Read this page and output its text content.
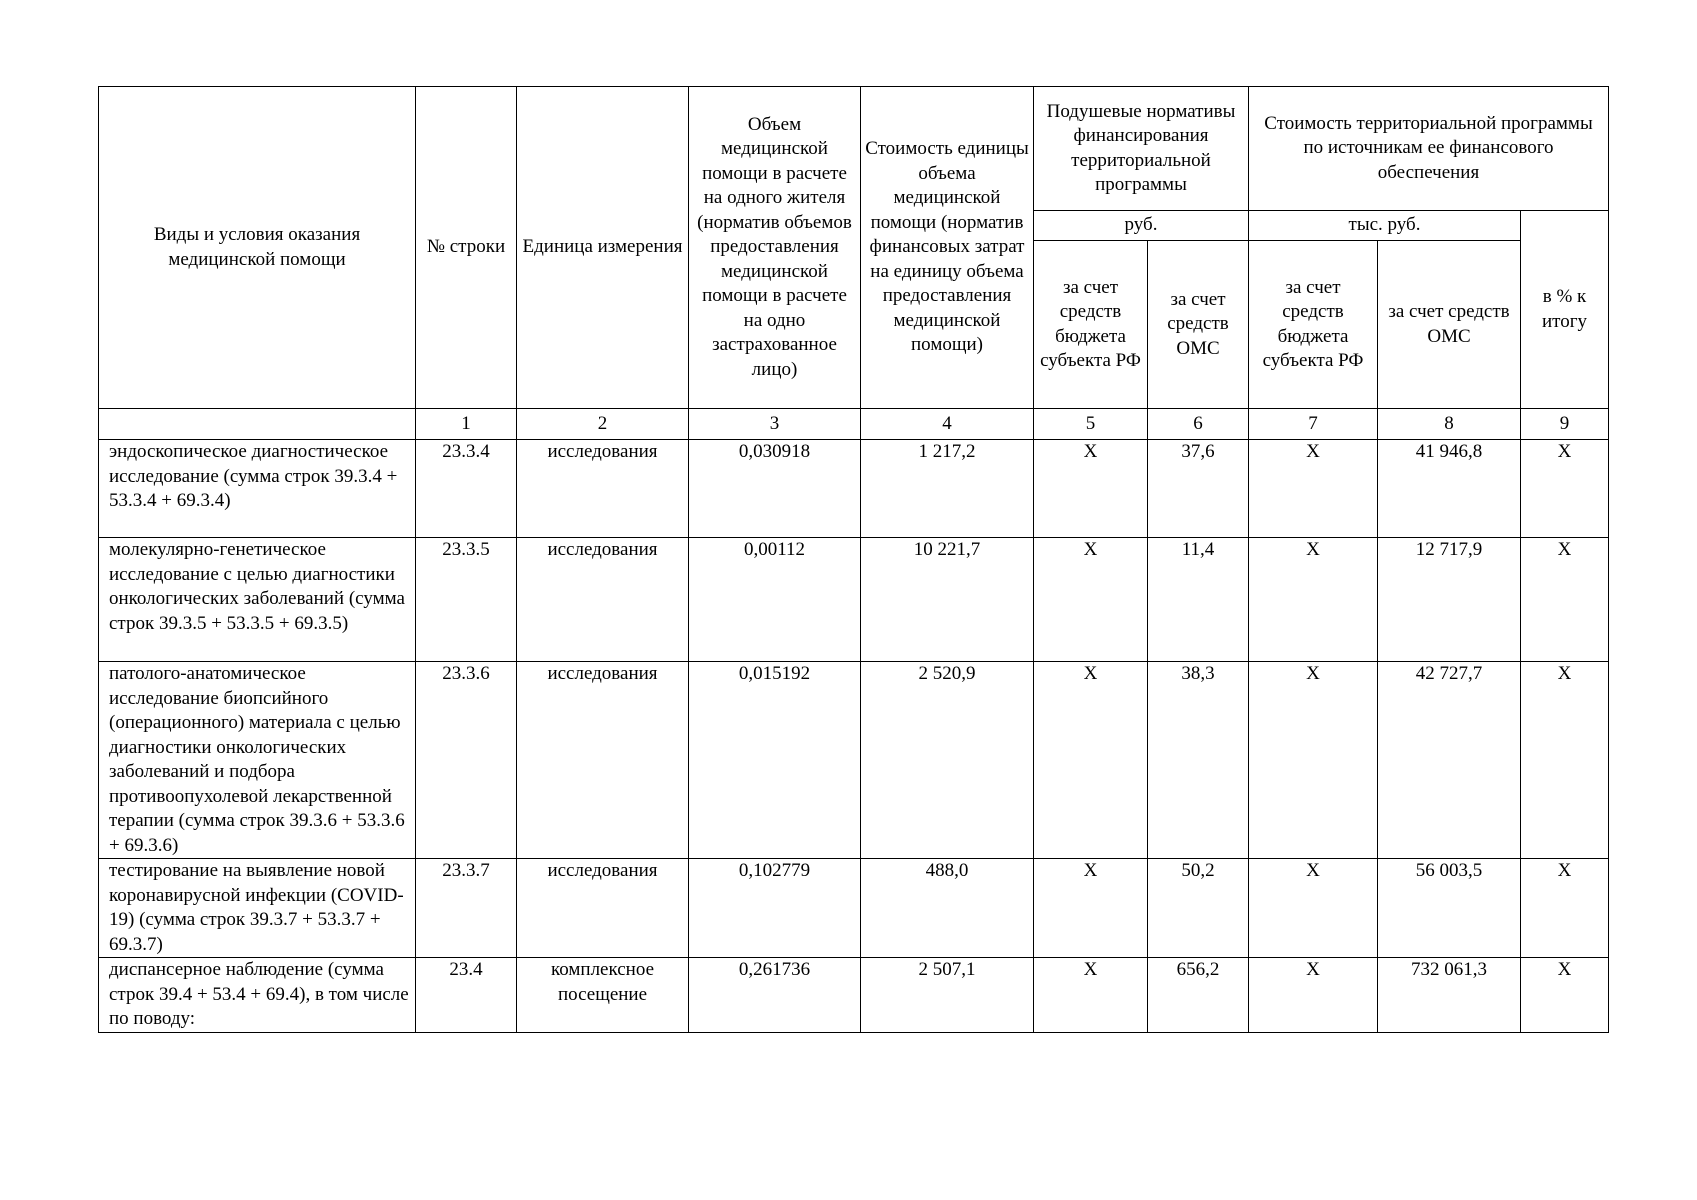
Виды и условия оказания медицинской помощи	№ строки	Единица измерения	Объем медицинской помощи в расчете на одного жителя (норматив объемов предоставления медицинской помощи в расчете на одно застрахованное лицо)	Стоимость единицы объема медицинской помощи (норматив финансовых затрат на единицу объема предоставления медицинской помощи)	Подушевые нормативы финансирования территориальной программы		Стоимость территориальной программы по источникам ее финансового обеспечения		
					руб.		тыс. руб.		в % к итогу
					за счет средств бюджета субъекта РФ	за счет средств ОМС	за счет средств бюджета субъекта РФ	за счет средств ОМС	
	1	2	3	4	5	6	7	8	9
эндоскопическое диагностическое исследование (сумма строк 39.3.4 + 53.3.4 + 69.3.4)	23.3.4	исследования	0,030918	1 217,2	Х	37,6	Х	41 946,8	Х
молекулярно-генетическое исследование с целью диагностики онкологических заболеваний (сумма строк 39.3.5 + 53.3.5 + 69.3.5)	23.3.5	исследования	0,00112	10 221,7	Х	11,4	Х	12 717,9	Х
патолого-анатомическое исследование биопсийного (операционного) материала с целью диагностики онкологических заболеваний и подбора противоопухолевой лекарственной терапии (сумма строк 39.3.6 + 53.3.6 + 69.3.6)	23.3.6	исследования	0,015192	2 520,9	Х	38,3	Х	42 727,7	Х
тестирование на выявление новой коронавирусной инфекции (COVID-19) (сумма строк 39.3.7 + 53.3.7 + 69.3.7)	23.3.7	исследования	0,102779	488,0	Х	50,2	Х	56 003,5	Х
диспансерное наблюдение (сумма строк 39.4 + 53.4 + 69.4), в том числе по поводу:	23.4	комплексное посещение	0,261736	2 507,1	Х	656,2	Х	732 061,3	Х
